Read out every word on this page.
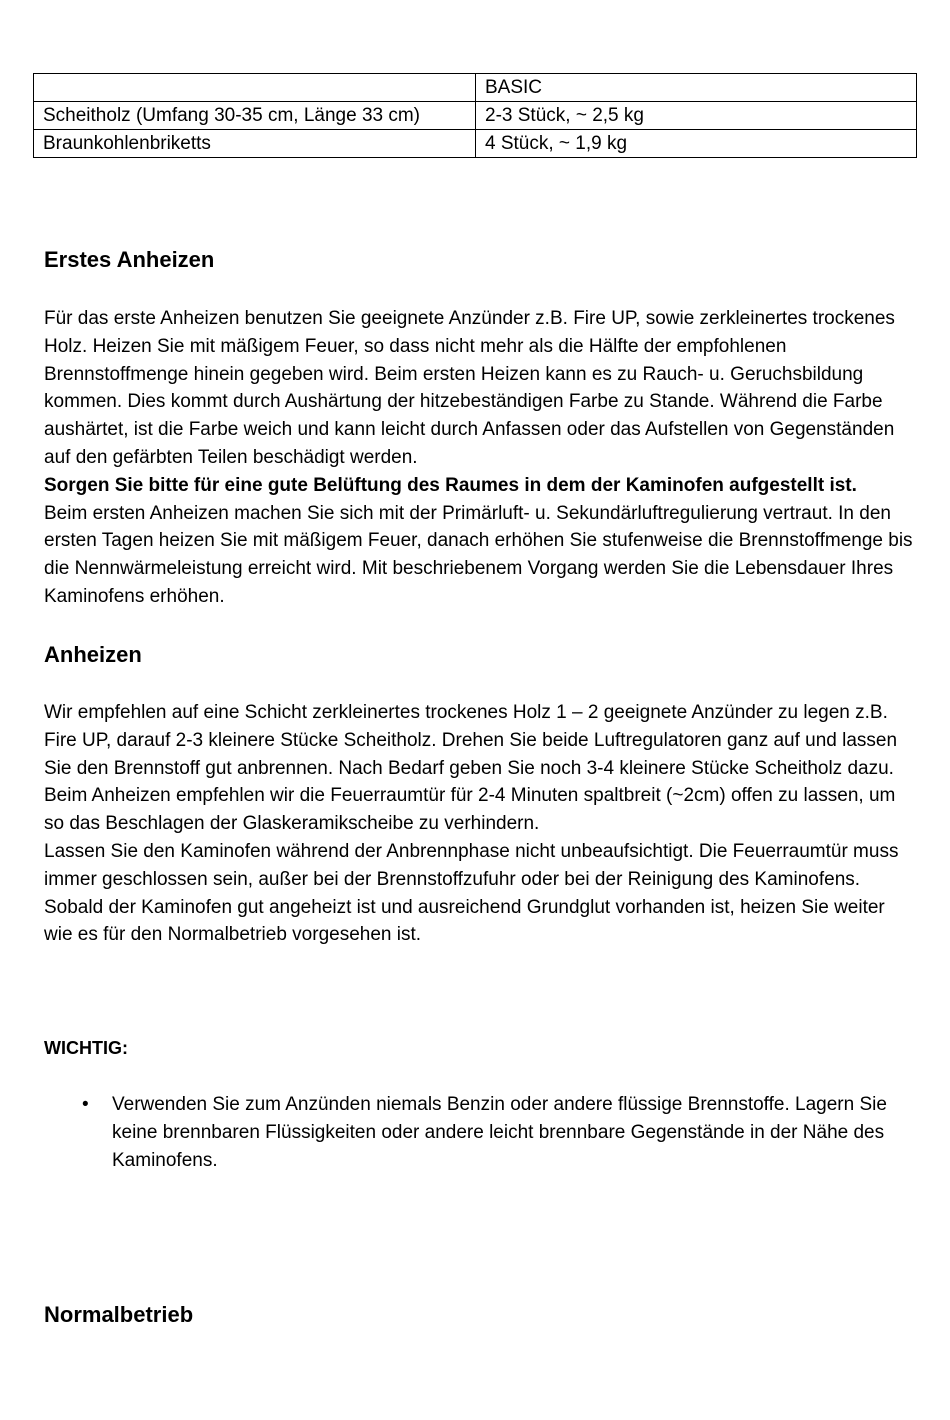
	BASIC
Scheitholz (Umfang 30-35 cm, Länge 33 cm)	2-3 Stück, ~ 2,5 kg
Braunkohlenbriketts	4 Stück, ~ 1,9 kg
Erstes Anheizen

Für das erste Anheizen benutzen Sie geeignete Anzünder z.B. Fire UP, sowie zerkleinertes trockenes Holz. Heizen Sie mit mäßigem Feuer, so dass nicht mehr als die Hälfte der empfohlenen Brennstoffmenge hinein gegeben wird. Beim ersten Heizen kann es zu Rauch- u. Geruchsbildung kommen. Dies kommt durch Aushärtung der hitzebeständigen Farbe zu Stande. Während die Farbe aushärtet, ist die Farbe weich und kann leicht durch Anfassen oder das Aufstellen von Gegenständen auf den gefärbten Teilen beschädigt werden.

Sorgen Sie bitte für eine gute Belüftung des Raumes in dem der Kaminofen aufgestellt ist.

Beim ersten Anheizen machen Sie sich mit der Primärluft- u. Sekundärluftregulierung vertraut. In den ersten Tagen heizen Sie mit mäßigem Feuer, danach erhöhen Sie stufenweise die Brennstoffmenge bis die Nennwärmeleistung erreicht wird. Mit beschriebenem Vorgang werden Sie die Lebensdauer Ihres Kaminofens erhöhen.

Anheizen

Wir empfehlen auf eine Schicht zerkleinertes trockenes Holz 1 – 2 geeignete Anzünder zu legen z.B. Fire UP, darauf 2-3 kleinere Stücke Scheitholz. Drehen Sie beide Luftregulatoren ganz auf und lassen Sie den Brennstoff gut anbrennen. Nach Bedarf geben Sie noch 3-4 kleinere Stücke Scheitholz dazu.

Beim Anheizen empfehlen wir die Feuerraumtür für 2-4 Minuten spaltbreit (~2cm) offen zu lassen, um so das Beschlagen der Glaskeramikscheibe zu verhindern.

Lassen Sie den Kaminofen während der Anbrennphase nicht unbeaufsichtigt. Die Feuerraumtür muss immer geschlossen sein, außer bei der Brennstoffzufuhr oder bei der Reinigung des Kaminofens.

Sobald der Kaminofen gut angeheizt ist und ausreichend Grundglut vorhanden ist, heizen Sie weiter wie es für den Normalbetrieb vorgesehen ist.

WICHTIG:
•	Verwenden Sie zum Anzünden niemals Benzin oder andere flüssige Brennstoffe. Lagern Sie keine brennbaren Flüssigkeiten oder andere leicht brennbare Gegenstände in der Nähe des Kaminofens.
Normalbetrieb
